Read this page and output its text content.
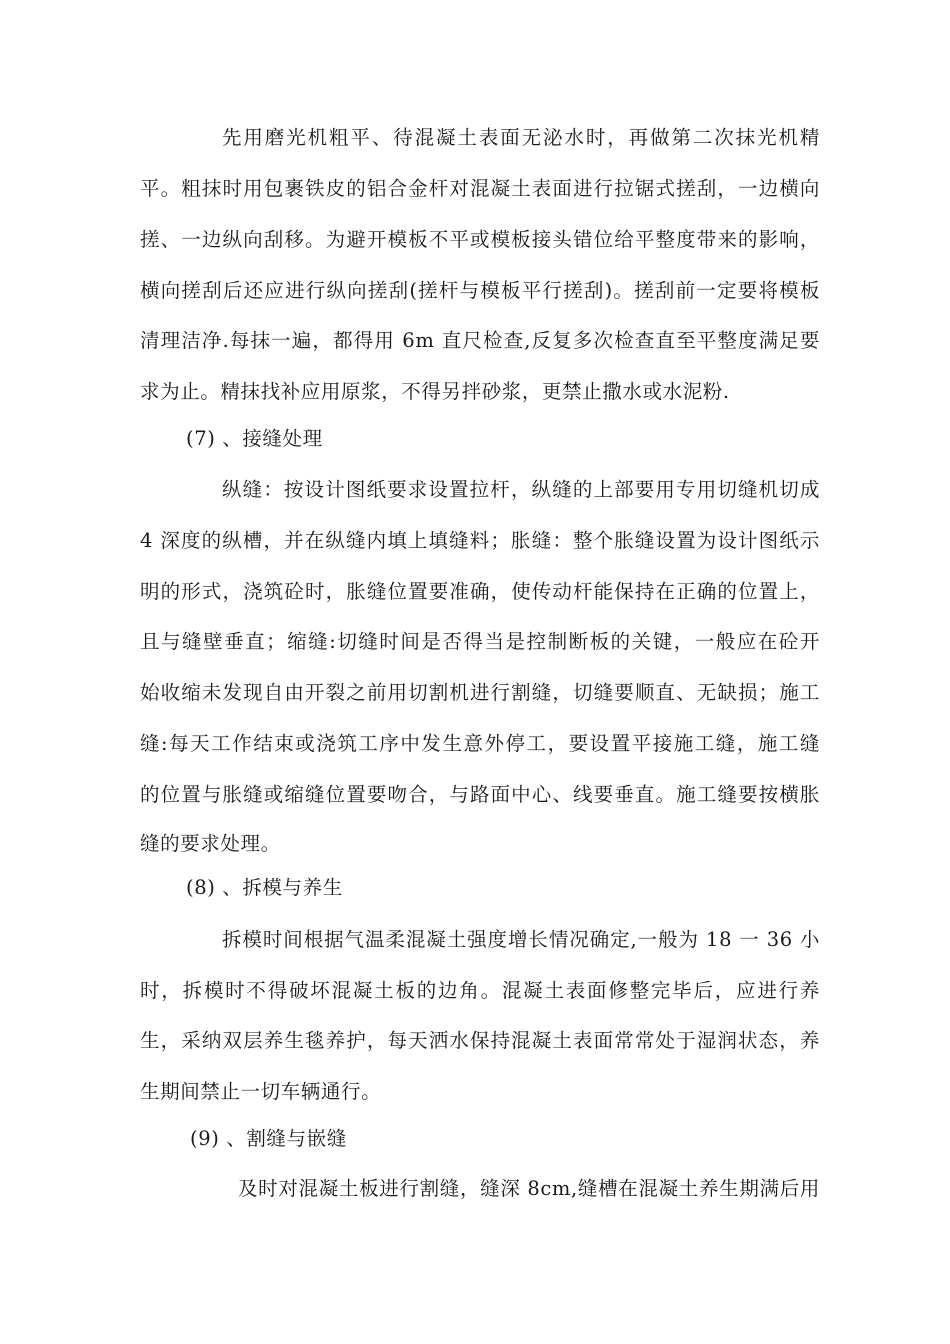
先用磨光机粗平、待混凝土表面无泌水时，再做第二次抹光机精
平。粗抹时用包裹铁皮的铝合金杆对混凝土表面进行拉锯式搓刮，一边横向
搓、一边纵向刮移。为避开模板不平或模板接头错位给平整度带来的影响，
横向搓刮后还应进行纵向搓刮(搓杆与模板平行搓刮)。搓刮前一定要将模板
清理洁净.每抹一遍，都得用 6m 直尺检查,反复多次检查直至平整度满足要
求为止。精抹找补应用原浆，不得另拌砂浆，更禁止撒水或水泥粉.
(7) 、接缝处理
纵缝：按设计图纸要求设置拉杆，纵缝的上部要用专用切缝机切成
4 深度的纵槽，并在纵缝内填上填缝料；胀缝：整个胀缝设置为设计图纸示
明的形式，浇筑砼时，胀缝位置要准确，使传动杆能保持在正确的位置上，
且与缝壁垂直；缩缝:切缝时间是否得当是控制断板的关键，一般应在砼开
始收缩未发现自由开裂之前用切割机进行割缝，切缝要顺直、无缺损；施工
缝:每天工作结束或浇筑工序中发生意外停工，要设置平接施工缝，施工缝
的位置与胀缝或缩缝位置要吻合，与路面中心、线要垂直。施工缝要按横胀
缝的要求处理。
(8) 、拆模与养生
拆模时间根据气温柔混凝土强度增长情况确定,一般为 18 一 36 小
时，拆模时不得破坏混凝土板的边角。混凝土表面修整完毕后，应进行养
生，采纳双层养生毯养护，每天洒水保持混凝土表面常常处于湿润状态，养
生期间禁止一切车辆通行。
(9) 、割缝与嵌缝
及时对混凝土板进行割缝，缝深 8cm,缝槽在混凝土养生期满后用
